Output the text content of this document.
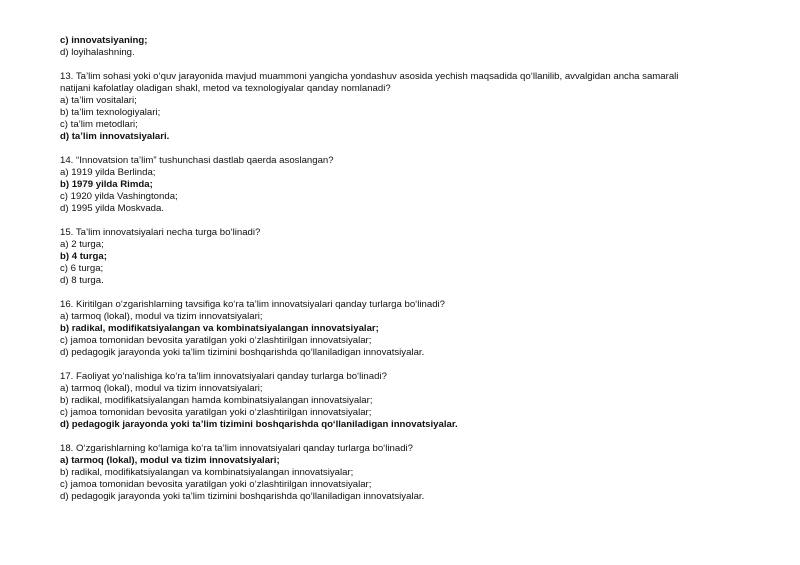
c) innovatsiyaning;
d) loyihalashning.
13. Ta’lim sohasi yoki o‘quv jarayonida mavjud muammoni yangicha yondashuv asosida yechish maqsadida qo‘llanilib, avvalgidan ancha samarali
natijani kafolatlay oladigan shakl, metod va texnologiyalar qanday nomlanadi?
a) ta’lim vositalari;
b) ta’lim texnologiyalari;
c) ta’lim metodlari;
d) ta’lim innovatsiyalari.
14. “Innovatsion ta’lim” tushunchasi dastlab qaerda asoslangan?
a) 1919 yilda Berlinda;
b) 1979 yilda Rimda;
c) 1920 yilda Vashingtonda;
d) 1995 yilda Moskvada.
15. Ta’lim innovatsiyalari necha turga bo‘linadi?
a) 2 turga;
b) 4 turga;
c) 6 turga;
d) 8 turga.
16. Kiritilgan o‘zgarishlarning tavsifiga ko‘ra ta’lim innovatsiyalari qanday turlarga bo‘linadi?
a) tarmoq (lokal), modul va tizim innovatsiyalari;
b) radikal, modifikatsiyalangan va kombinatsiyalangan innovatsiyalar;
c) jamoa tomonidan bevosita yaratilgan yoki o‘zlashtirilgan innovatsiyalar;
d) pedagogik jarayonda yoki ta’lim tizimini boshqarishda qo‘llaniladigan innovatsiyalar.
17. Faoliyat yo‘nalishiga ko‘ra ta’lim innovatsiyalari qanday turlarga bo‘linadi?
a) tarmoq (lokal), modul va tizim innovatsiyalari;
b) radikal, modifikatsiyalangan hamda kombinatsiyalangan innovatsiyalar;
c) jamoa tomonidan bevosita yaratilgan yoki o‘zlashtirilgan innovatsiyalar;
d) pedagogik jarayonda yoki ta’lim tizimini boshqarishda qo‘llaniladigan innovatsiyalar.
18. O‘zgarishlarning ko‘lamiga ko‘ra ta’lim innovatsiyalari qanday turlarga bo‘linadi?
a) tarmoq (lokal), modul va tizim innovatsiyalari;
b) radikal, modifikatsiyalangan va kombinatsiyalangan innovatsiyalar;
c) jamoa tomonidan bevosita yaratilgan yoki o‘zlashtirilgan innovatsiyalar;
d) pedagogik jarayonda yoki ta’lim tizimini boshqarishda qo‘llaniladigan innovatsiyalar.
